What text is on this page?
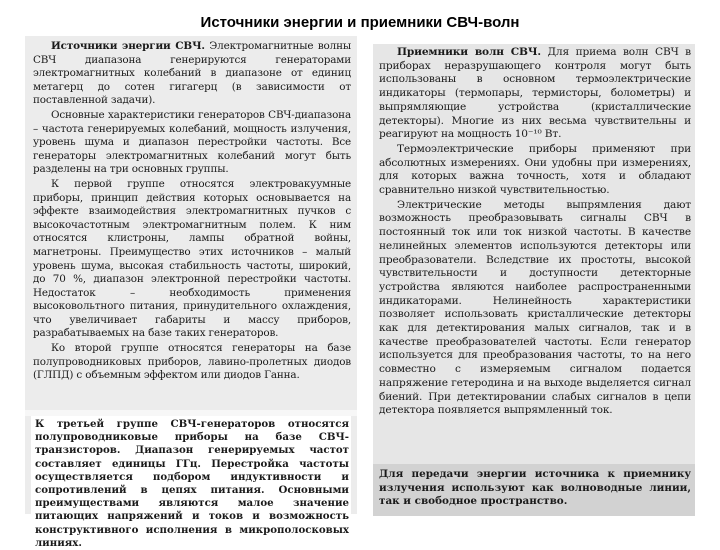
Источники энергии и приемники СВЧ-волн

Источники энергии СВЧ. Электромагнитные волны СВЧ диапазона генерируются генераторами электромагнитных колебаний в диапазоне от единиц метагерц до сотен гигагерц (в зависимости от поставленной задачи).

Основные характеристики генераторов СВЧ-диапазона – частота генерируемых колебаний, мощность излучения, уровень шума и диапазон перестройки частоты. Все генераторы электромагнитных колебаний могут быть разделены на три основных группы.

К первой группе относятся электровакуумные приборы, принцип действия которых основывается на эффекте взаимодействия электромагнитных пучков с высокочастотным электромагнитным полем. К ним относятся клистроны, лампы обратной войны, магнетроны. Преимущество этих источников – малый уровень шума, высокая стабильность частоты, широкий, до 70 %, диапазон электронной перестройки частоты. Недостаток – необходимость применения высоковольтного питания, принудительного охлаждения, что увеличивает габариты и массу приборов, разрабатываемых на базе таких генераторов.

Ко второй группе относятся генераторы на базе полупроводниковых приборов, лавино-пролетных диодов (ГЛПД) с объемным эффектом или диодов Ганна.

К третьей группе СВЧ-генераторов относятся полупроводниковые приборы на базе СВЧ-транзисторов. Диапазон генерируемых частот составляет единицы ГГц. Перестройка частоты осуществляется подбором индуктивности и сопротивлений в цепях питания. Основными преимуществами являются малое значение питающих напряжений и токов и возможность конструктивного исполнения в микрополосковых линиях.

Приемники волн СВЧ. Для приема волн СВЧ в приборах неразрушающего контроля могут быть использованы в основном термоэлектрические индикаторы (термопары, термисторы, болометры) и выпрямляющие устройства (кристаллические детекторы). Многие из них весьма чувствительны и реагируют на мощность 10⁻¹⁰ Вт.

Термоэлектрические приборы применяют при абсолютных измерениях. Они удобны при измерениях, для которых важна точность, хотя и обладают сравнительно низкой чувствительностью.

Электрические методы выпрямления дают возможность преобразовывать сигналы СВЧ в постоянный ток или ток низкой частоты. В качестве нелинейных элементов используются детекторы или преобразователи. Вследствие их простоты, высокой чувствительности и доступности детекторные устройства являются наиболее распространенными индикаторами. Нелинейность характеристики позволяет использовать кристаллические детекторы как для детектирования малых сигналов, так и в качестве преобразователей частоты. Если генератор используется для преобразования частоты, то на него совместно с измеряемым сигналом подается напряжение гетеродина и на выходе выделяется сигнал биений. При детектировании слабых сигналов в цепи детектора появляется выпрямленный ток.

Для передачи энергии источника к приемнику излучения используют как волноводные линии, так и свободное пространство.
